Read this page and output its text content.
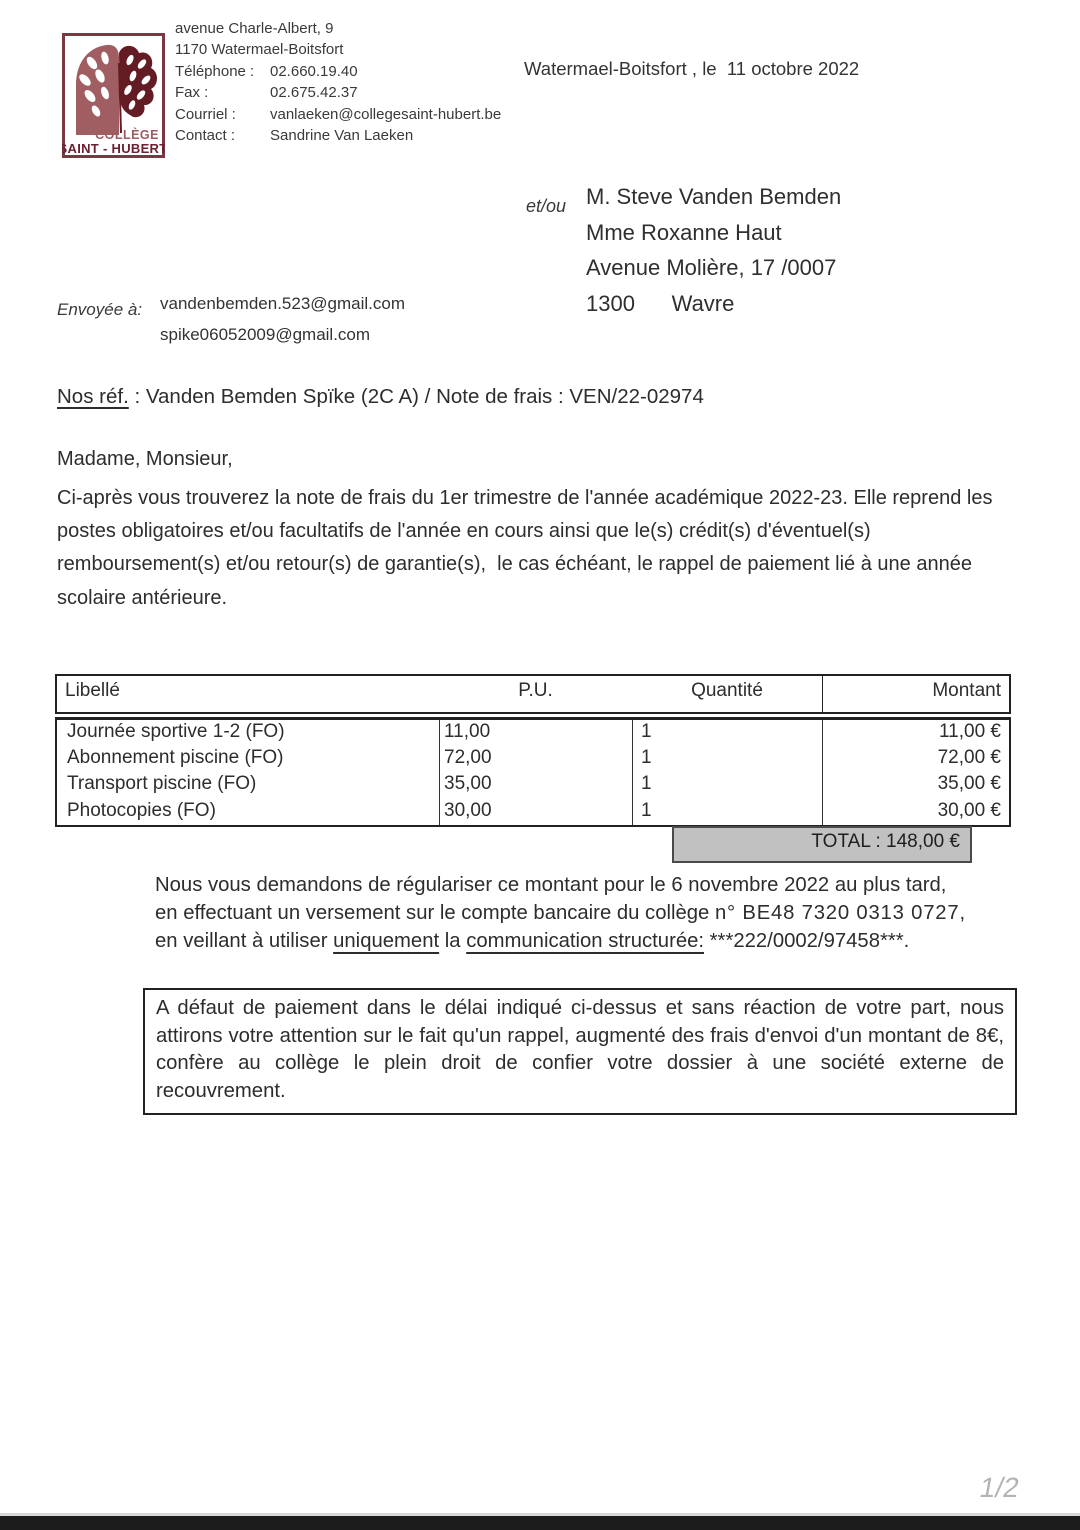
COLLÈGE
SAINT - HUBERT
avenue Charle-Albert, 9
1170 Watermael-Boitsfort
Téléphone :	02.660.19.40
Fax :	02.675.42.37
Courriel :	vanlaeken@collegesaint-hubert.be
Contact :	Sandrine Van Laeken
Watermael-Boitsfort , le  11 octobre 2022
et/ou M. Steve Vanden Bemden
Mme Roxanne Haut
Avenue Molière, 17 /0007
1300      Wavre
Envoyée à: vandenbemden.523@gmail.com
spike06052009@gmail.com
Nos réf. : Vanden Bemden Spïke (2C A) / Note de frais : VEN/22-02974
Madame, Monsieur,
Ci-après vous trouverez la note de frais du 1er trimestre de l'année académique 2022-23. Elle reprend les
postes obligatoires et/ou facultatifs de l'année en cours ainsi que le(s) crédit(s) d'éventuel(s)
remboursement(s) et/ou retour(s) de garantie(s),  le cas échéant, le rappel de paiement lié à une année
scolaire antérieure.
Libellé	P.U.	Quantité	Montant
Journée sportive 1-2 (FO)	11,00	1	11,00 €
Abonnement piscine (FO)	72,00	1	72,00 €
Transport piscine (FO)	35,00	1	35,00 €
Photocopies (FO)	30,00	1	30,00 €
TOTAL : 148,00 €
Nous vous demandons de régulariser ce montant pour le 6 novembre 2022 au plus tard,
en effectuant un versement sur le compte bancaire du collège n° BE48 7320 0313 0727,
en veillant à utiliser uniquement la communication structurée: ***222/0002/97458***.
A défaut de paiement dans le délai indiqué ci-dessus et sans réaction de votre part, nous attirons votre attention sur le fait qu'un rappel, augmenté des frais d'envoi d'un montant de 8€,  confère au collège le plein droit de confier votre dossier à une société externe de recouvrement.
1/2
